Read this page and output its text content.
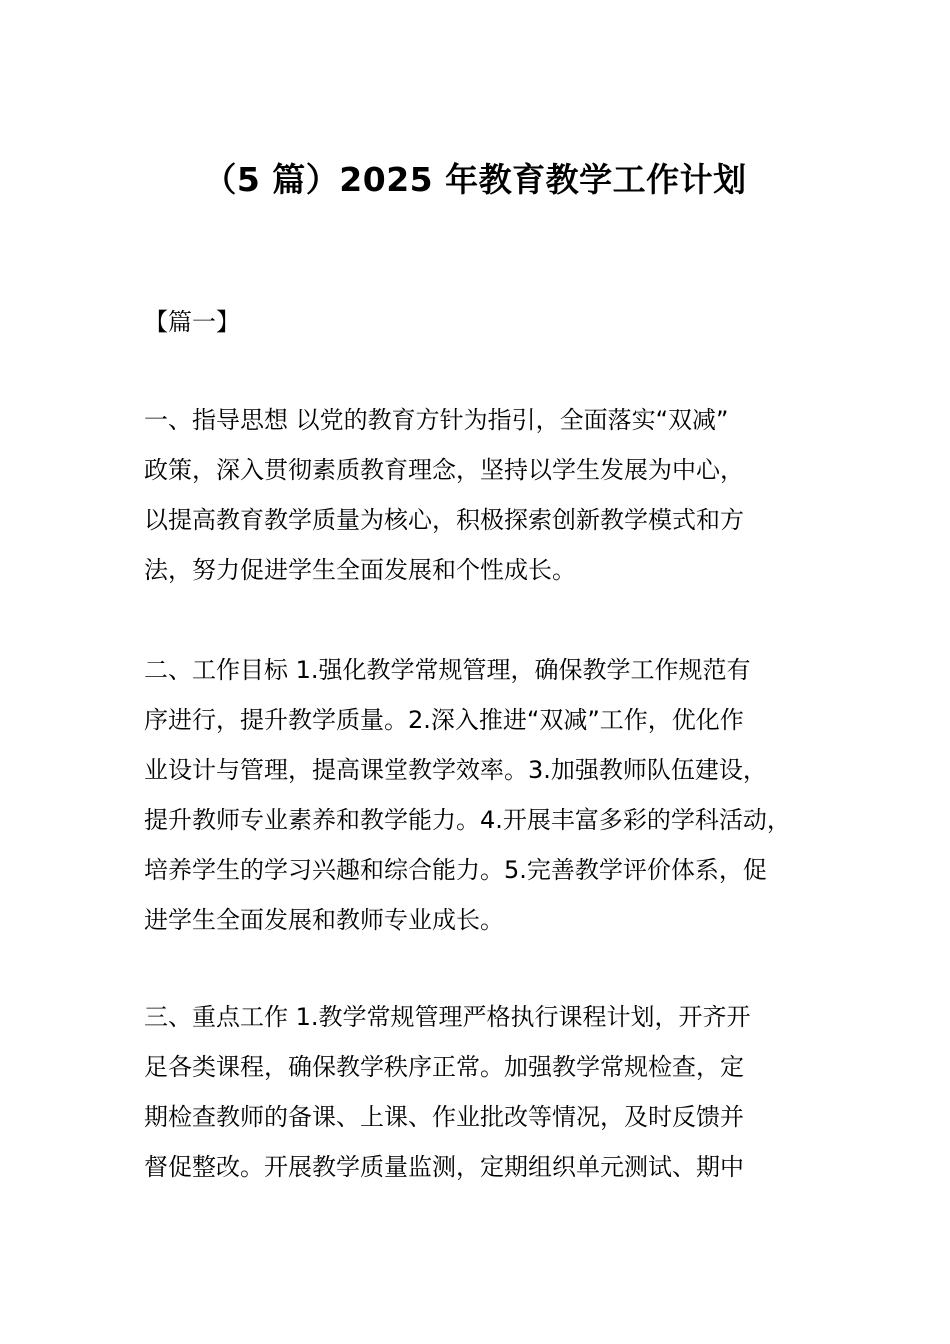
（5 篇）2025 年教育教学工作计划
【篇一】
一、指导思想 以党的教育方针为指引，全面落实“双减”
政策，深入贯彻素质教育理念，坚持以学生发展为中心，
以提高教育教学质量为核心，积极探索创新教学模式和方
法，努力促进学生全面发展和个性成长。
二、工作目标 1.强化教学常规管理，确保教学工作规范有
序进行，提升教学质量。2.深入推进“双减”工作，优化作
业设计与管理，提高课堂教学效率。3.加强教师队伍建设，
提升教师专业素养和教学能力。4.开展丰富多彩的学科活动，
培养学生的学习兴趣和综合能力。5.完善教学评价体系，促
进学生全面发展和教师专业成长。
三、重点工作 1.教学常规管理严格执行课程计划，开齐开
足各类课程，确保教学秩序正常。加强教学常规检查，定
期检查教师的备课、上课、作业批改等情况，及时反馈并
督促整改。开展教学质量监测，定期组织单元测试、期中
